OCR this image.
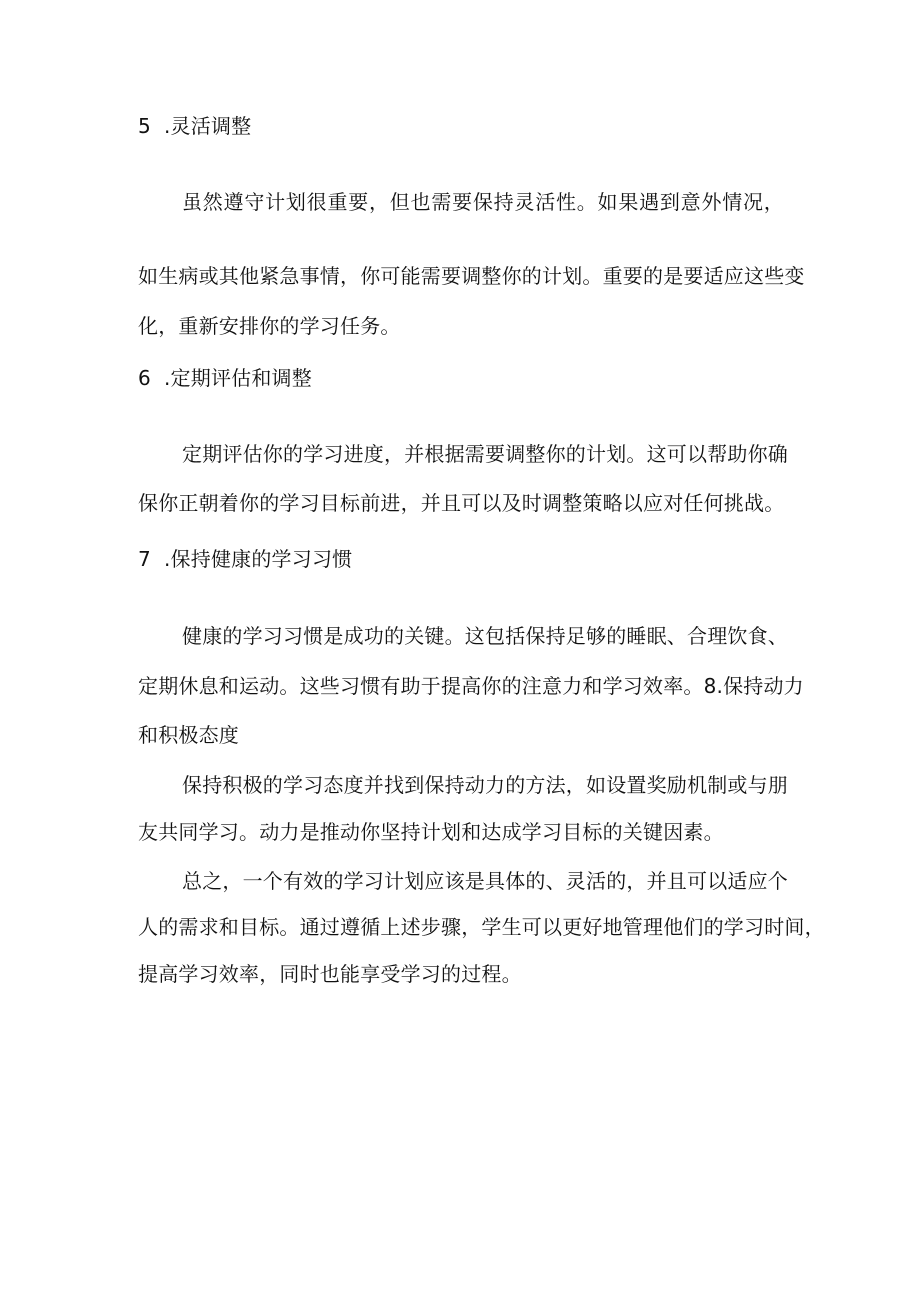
5 .灵活调整
虽然遵守计划很重要，但也需要保持灵活性。如果遇到意外情况，
如生病或其他紧急事情，你可能需要调整你的计划。重要的是要适应这些变
化，重新安排你的学习任务。
6 .定期评估和调整
定期评估你的学习进度，并根据需要调整你的计划。这可以帮助你确
保你正朝着你的学习目标前进，并且可以及时调整策略以应对任何挑战。
7 .保持健康的学习习惯
健康的学习习惯是成功的关键。这包括保持足够的睡眠、合理饮食、
定期休息和运动。这些习惯有助于提高你的注意力和学习效率。8.保持动力
和积极态度
保持积极的学习态度并找到保持动力的方法，如设置奖励机制或与朋
友共同学习。动力是推动你坚持计划和达成学习目标的关键因素。
总之，一个有效的学习计划应该是具体的、灵活的，并且可以适应个
人的需求和目标。通过遵循上述步骤，学生可以更好地管理他们的学习时间，
提高学习效率，同时也能享受学习的过程。
